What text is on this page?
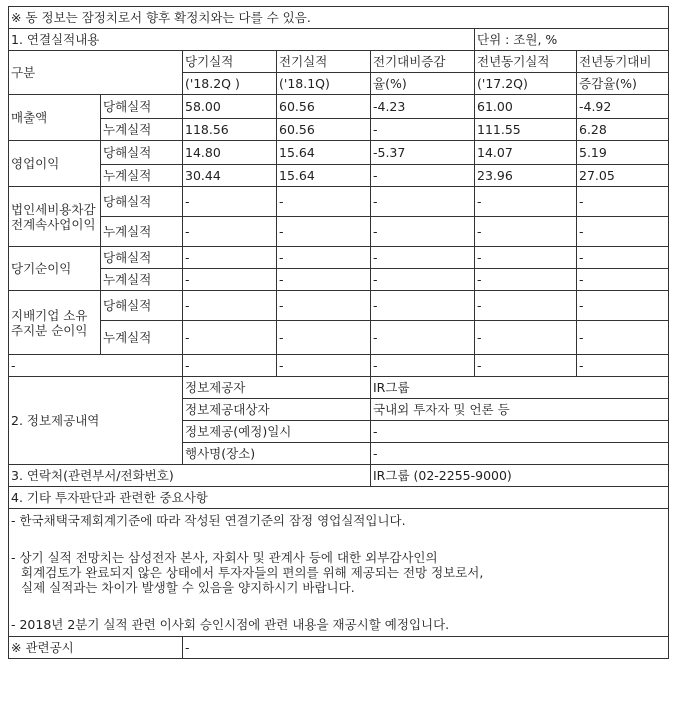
※ 동 정보는 잠정치로서 향후 확정치와는 다를 수 있음.						
1. 연결실적내용					단위 : 조원, %	
구분		당기실적	전기실적	전기대비증감	전년동기실적	전년동기대비
		('18.2Q )	('18.1Q)	율(%)	('17.2Q)	증감율(%)
매출액	당해실적	58.00	60.56	-4.23	61.00	-4.92
	누계실적	118.56	60.56	-	111.55	6.28
영업이익	당해실적	14.80	15.64	-5.37	14.07	5.19
	누계실적	30.44	15.64	-	23.96	27.05
법인세비용차감전계속사업이익	당해실적	-	-	-	-	-
	누계실적	-	-	-	-	-
당기순이익	당해실적	-	-	-	-	-
	누계실적	-	-	-	-	-
지배기업 소유주지분 순이익	당해실적	-	-	-	-	-
	누계실적	-	-	-	-	-
-		-	-	-	-	-
2. 정보제공내역		정보제공자		IR그룹		
		정보제공대상자		국내외 투자자 및 언론 등		
		정보제공(예정)일시		-		
		행사명(장소)		-		
3. 연락처(관련부서/전화번호)				IR그룹 (02-2255-9000)		
4. 기타 투자판단과 관련한 중요사항						

- 한국채택국제회계기준에 따라 작성된 연결기준의 잠정 영업실적입니다.
- 상기 실적 전망치는 삼성전자 본사, 자회사 및 관계사 등에 대한 외부감사인의
회계검토가 완료되지 않은 상태에서 투자자들의 편의를 위해 제공되는 전망 정보로서,
실제 실적과는 차이가 발생할 수 있음을 양지하시기 바랍니다.
- 2018년 2분기 실적 관련 이사회 승인시점에 관련 내용을 재공시할 예정입니다.						

※ 관련공시		-				
